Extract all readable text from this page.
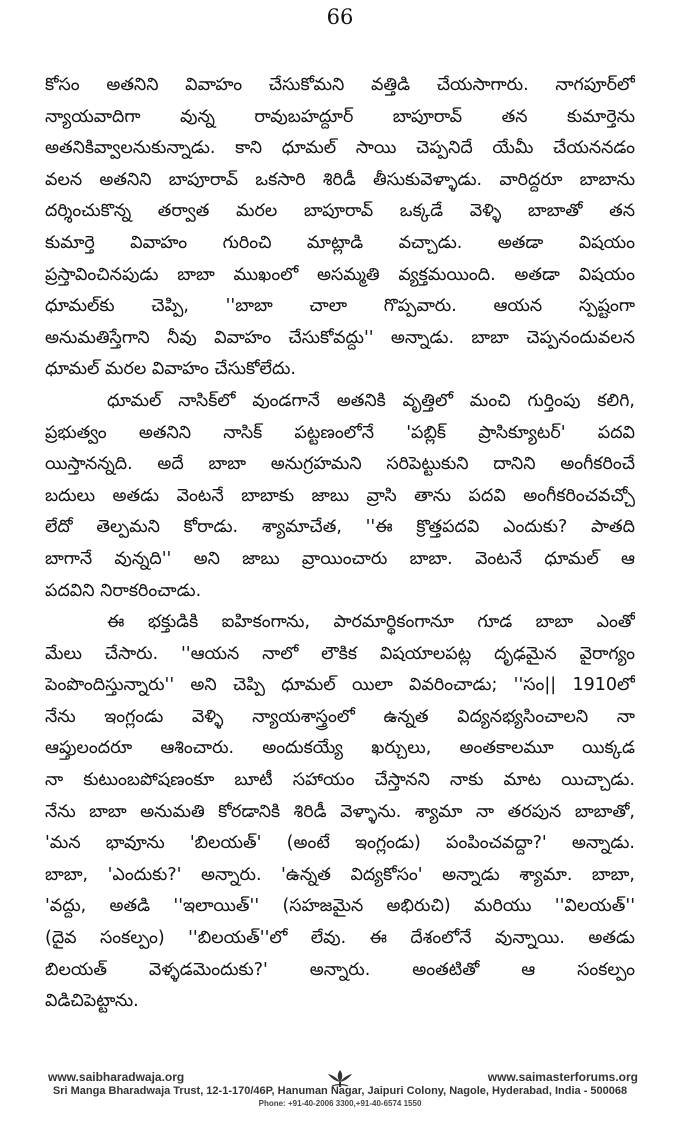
66

కోసం అతనిని వివాహం చేసుకోమని వత్తిడి చేయసాగారు. నాగపూర్‌లో
న్యాయవాదిగా వున్న రావుబహద్దూర్ బాపూరావ్ తన కుమార్తెను
అతనికివ్వాలనుకున్నాడు. కాని ధూమల్ సాయి చెప్పనిదే యేమీ చేయననడం
వలన అతనిని బాపూరావ్ ఒకసారి శిరిడీ తీసుకువెళ్ళాడు. వారిద్దరూ బాబాను
దర్శించుకొన్న తర్వాత మరల బాపూరావ్ ఒక్కడే వెళ్ళి బాబాతో తన
కుమార్తె వివాహం గురించి మాట్లాడి వచ్చాడు. అతడా విషయం
ప్రస్తావించినపుడు బాబా ముఖంలో అసమ్మతి వ్యక్తమయింది. అతడా విషయం
ధూమల్‌కు చెప్పి, ''బాబా చాలా గొప్పవారు. ఆయన స్పష్టంగా
అనుమతిస్తేగాని నీవు వివాహం చేసుకోవద్దు'' అన్నాడు. బాబా చెప్పనందువలన
ధూమల్ మరల వివాహం చేసుకోలేదు.

ధూమల్ నాసిక్‌లో వుండగానే అతనికి వృత్తిలో మంచి గుర్తింపు కలిగి,
ప్రభుత్వం అతనిని నాసిక్ పట్టణంలోనే 'పబ్లిక్ ప్రాసిక్యూటర్' పదవి
యిస్తానన్నది. అదే బాబా అనుగ్రహమని సరిపెట్టుకుని దానిని అంగీకరించే
బదులు అతడు వెంటనే బాబాకు జాబు వ్రాసి తాను పదవి అంగీకరించవచ్చో
లేదో తెల్పమని కోరాడు. శ్యామాచేత, ''ఈ క్రొత్తపదవి ఎందుకు? పాతది
బాగానే వున్నది'' అని జాబు వ్రాయించారు బాబా. వెంటనే ధూమల్ ఆ
పదవిని నిరాకరించాడు.

ఈ భక్తుడికి ఐహికంగాను, పారమార్థికంగానూ గూడ బాబా ఎంతో
మేలు చేసారు. ''ఆయన నాలో లౌకిక విషయాలపట్ల దృఢమైన వైరాగ్యం
పెంపొందిస్తున్నారు'' అని చెప్పి ధూమల్ యిలా వివరించాడు; ''సం|| 1910లో
నేను ఇంగ్లండు వెళ్ళి న్యాయశాస్త్రంలో ఉన్నత విద్యనభ్యసించాలని నా
ఆప్తులందరూ ఆశించారు. అందుకయ్యే ఖర్చులు, అంతకాలమూ యిక్కడ
నా కుటుంబపోషణంకూ బూటీ సహాయం చేస్తానని నాకు మాట యిచ్చాడు.
నేను బాబా అనుమతి కోరడానికి శిరిడీ వెళ్ళాను. శ్యామా నా తరపున బాబాతో,
'మన భావూను 'బిలయత్' (అంటే ఇంగ్లండు) పంపించవద్దా?' అన్నాడు.
బాబా, 'ఎందుకు?' అన్నారు. 'ఉన్నత విద్యకోసం' అన్నాడు శ్యామా. బాబా,
'వద్దు, అతడి ''ఇలాయిత్'' (సహజమైన అభిరుచి) మరియు ''విలయత్''
(దైవ సంకల్పం) ''బిలయత్''లో లేవు. ఈ దేశంలోనే వున్నాయి. అతడు
బిలయత్ వెళ్ళడమెందుకు?' అన్నారు. అంతటితో ఆ సంకల్పం
విడిచిపెట్టాను.

www.saibharadwaja.org	www.saimasterforums.org
Sri Manga Bharadwaja Trust, 12-1-170/46P, Hanuman Nagar, Jaipuri Colony, Nagole, Hyderabad, India - 500068
Phone: +91-40-2006 3300,+91-40-6574 1550
